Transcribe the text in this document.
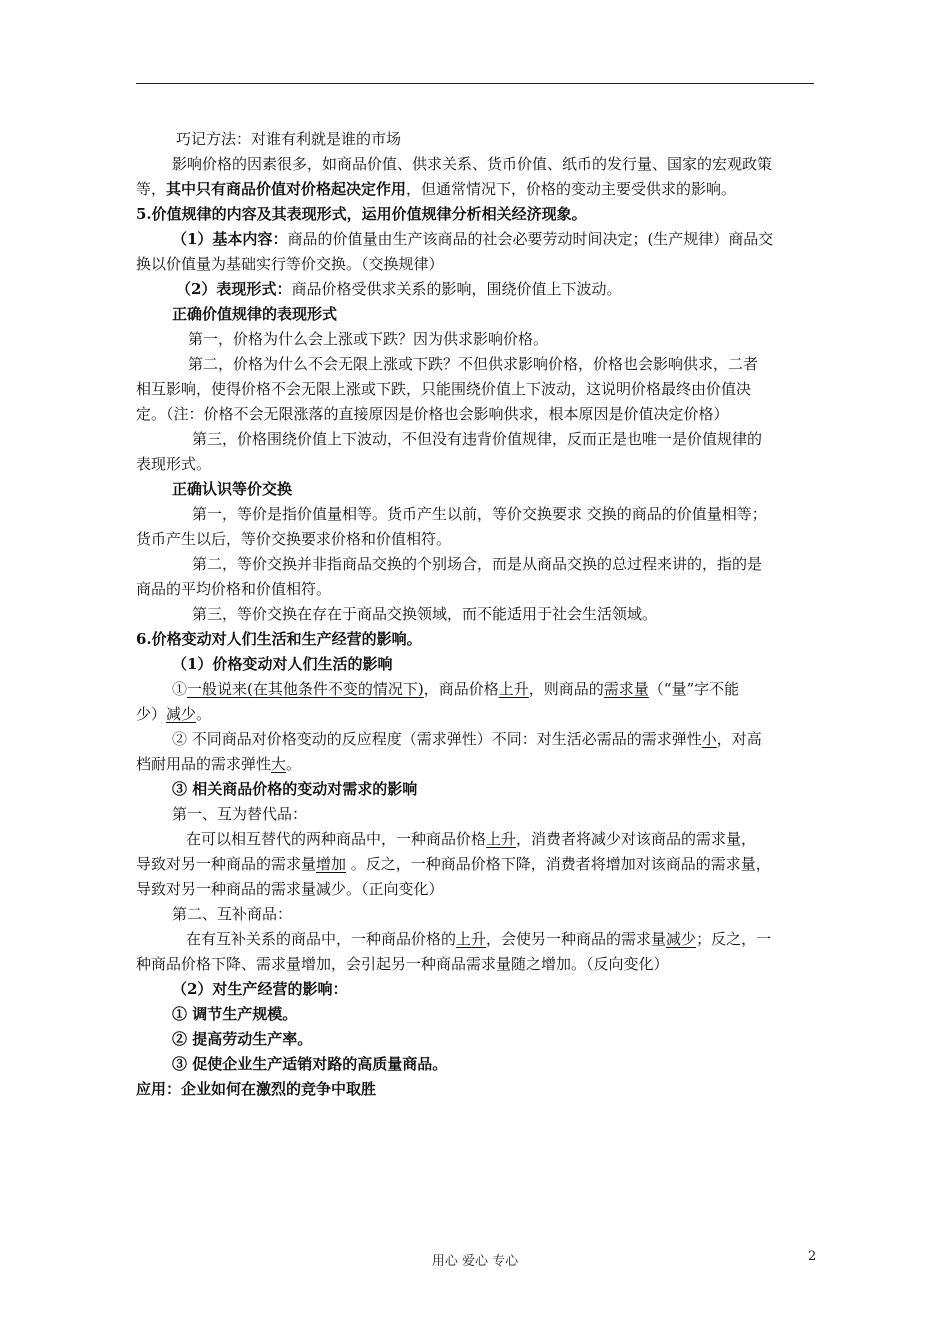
巧记方法：对谁有利就是谁的市场
影响价格的因素很多，如商品价值、供求关系、货币价值、纸币的发行量、国家的宏观政策
等，其中只有商品价值对价格起决定作用，但通常情况下，价格的变动主要受供求的影响。
5.价值规律的内容及其表现形式，运用价值规律分析相关经济现象。
（1）基本内容：商品的价值量由生产该商品的社会必要劳动时间决定；(生产规律）商品交
换以价值量为基础实行等价交换。（交换规律）
（2）表现形式：商品价格受供求关系的影响，围绕价值上下波动。
正确价值规律的表现形式
第一，价格为什么会上涨或下跌？因为供求影响价格。
第二，价格为什么不会无限上涨或下跌？不但供求影响价格，价格也会影响供求，二者
相互影响，使得价格不会无限上涨或下跌，只能围绕价值上下波动，这说明价格最终由价值决
定。（注：价格不会无限涨落的直接原因是价格也会影响供求，根本原因是价值决定价格）
第三，价格围绕价值上下波动，不但没有违背价值规律，反而正是也唯一是价值规律的
表现形式。
正确认识等价交换
第一，等价是指价值量相等。货币产生以前，等价交换要求 交换的商品的价值量相等；
货币产生以后，等价交换要求价格和价值相符。
第二，等价交换并非指商品交换的个别场合，而是从商品交换的总过程来讲的，指的是
商品的平均价格和价值相符。
第三，等价交换在存在于商品交换领域，而不能适用于社会生活领域。
6.价格变动对人们生活和生产经营的影响。
（1）价格变动对人们生活的影响
①一般说来(在其他条件不变的情况下)，商品价格上升，则商品的需求量（“量”字不能
少）减少。
② 不同商品对价格变动的反应程度（需求弹性）不同：对生活必需品的需求弹性小，对高
档耐用品的需求弹性大。
③ 相关商品价格的变动对需求的影响
第一、互为替代品：
在可以相互替代的两种商品中，一种商品价格上升，消费者将减少对该商品的需求量，
导致对另一种商品的需求量增加 。反之，一种商品价格下降，消费者将增加对该商品的需求量，
导致对另一种商品的需求量减少。（正向变化）
第二、互补商品：
在有互补关系的商品中，一种商品价格的上升，会使另一种商品的需求量减少；反之，一
种商品价格下降、需求量增加，会引起另一种商品需求量随之增加。（反向变化）
（2）对生产经营的影响：
① 调节生产规模。
② 提高劳动生产率。
③ 促使企业生产适销对路的高质量商品。
应用：企业如何在激烈的竞争中取胜
用心 爱心 专心	2
